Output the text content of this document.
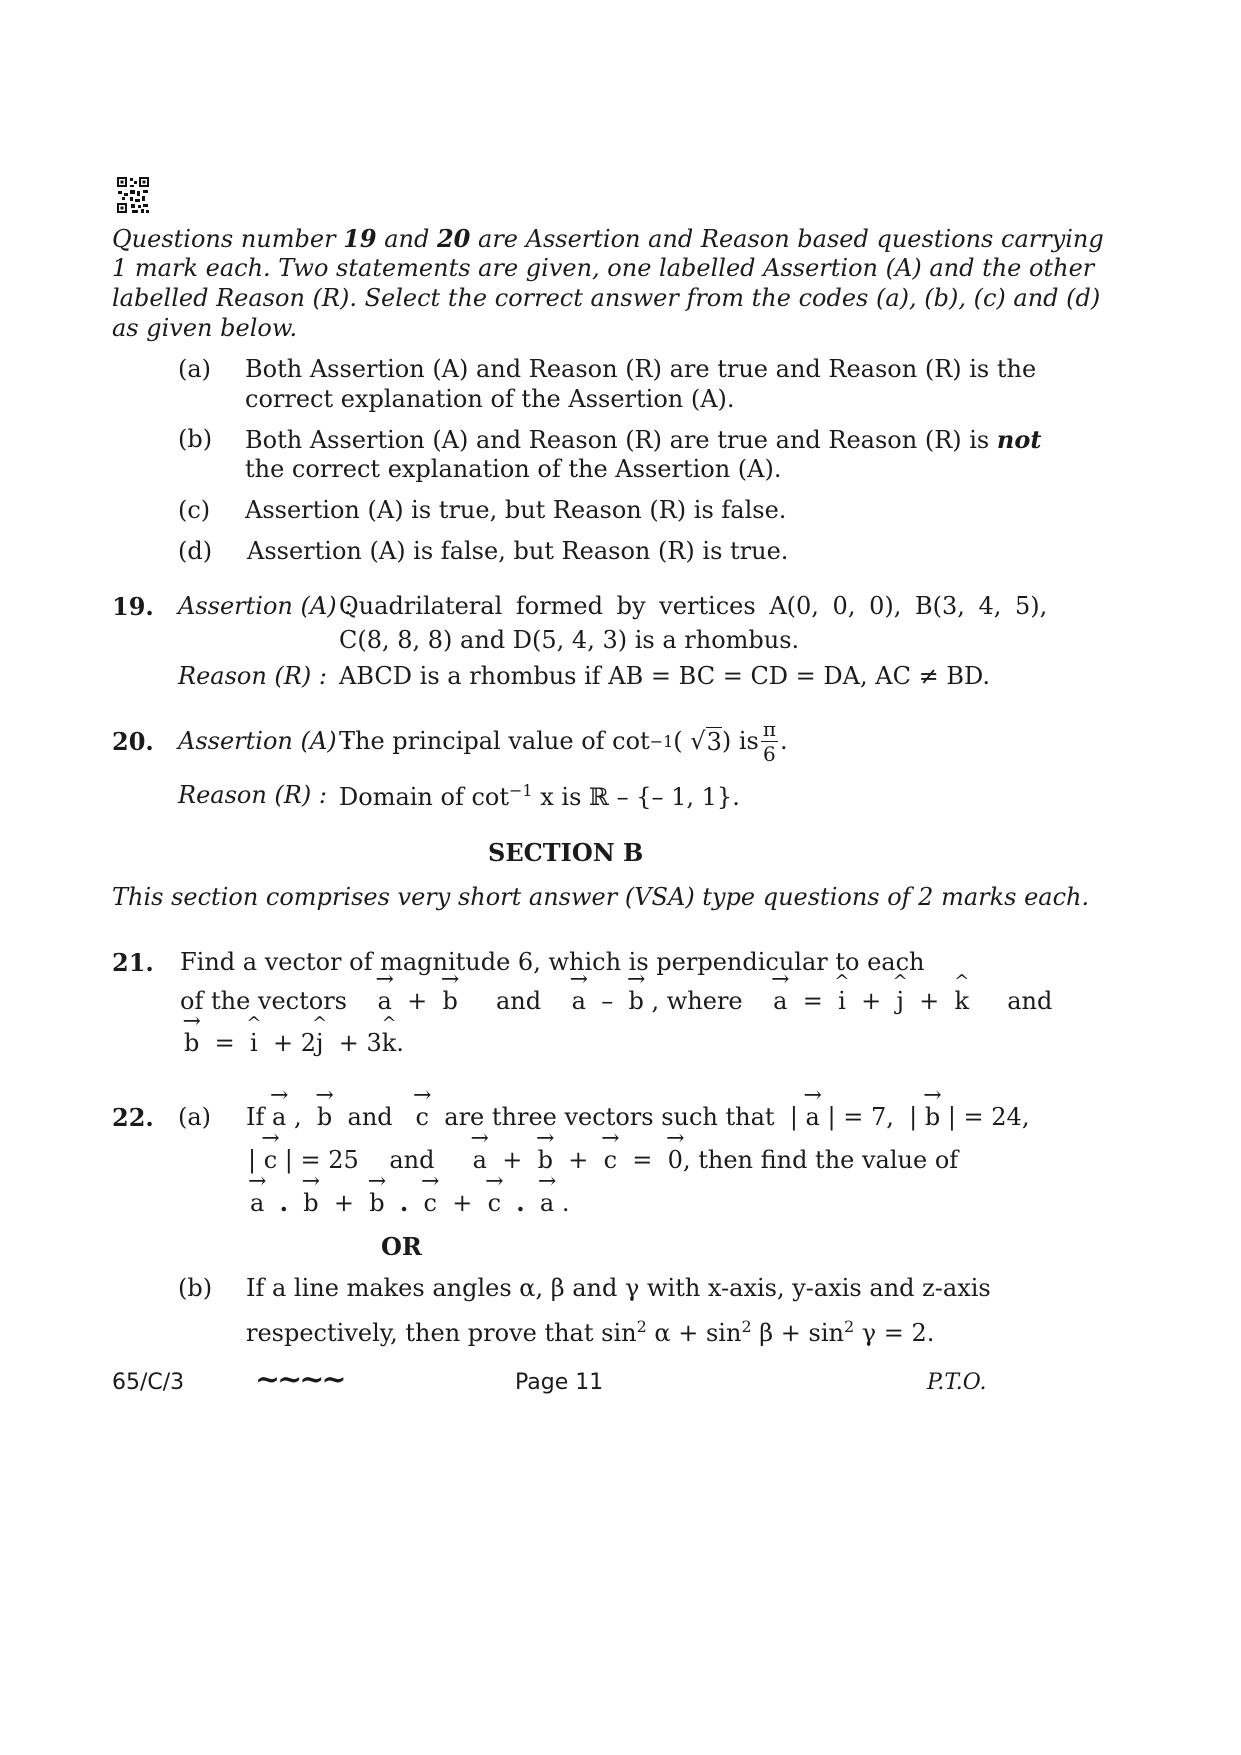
Questions number 19 and 20 are Assertion and Reason based questions carrying
1 mark each. Two statements are given, one labelled Assertion (A) and the other
labelled Reason (R). Select the correct answer from the codes (a), (b), (c) and (d)
as given below.
(a) Both Assertion (A) and Reason (R) are true and Reason (R) is the
correct explanation of the Assertion (A).
(b) Both Assertion (A) and Reason (R) are true and Reason (R) is not
the correct explanation of the Assertion (A).
(c) Assertion (A) is true, but Reason (R) is false.
(d) Assertion (A) is false, but Reason (R) is true.
19. Assertion (A) :
Quadrilateral formed by vertices A(0, 0, 0), B(3, 4, 5),
C(8, 8, 8) and D(5, 4, 3) is a rhombus.
Reason (R) : ABCD is a rhombus if AB = BC = CD = DA, AC ≠ BD.
20. Assertion (A) :
The principal value of cot −1 ( √ 3 ) is $\frac{\pi}{6}$ .
Reason (R) : Domain of $\cot^{-1} x$ is ℝ – {– 1, 1}.
SECTION B
This section comprises very short answer (VSA) type questions of 2 marks each.
21. Find a vector of magnitude 6, which is perpendicular to each
of the vectors → a + → b and → a – → b , where → a = ^ i + ^ j + ^ k and
→ b = ^ i + 2^ j + 3^ k.
22. (a) If → a , → b and → c are three vectors such that  | → a | = 7,  | → b | = 24,
| → c | = 25 and → a + → b + → c = → 0, then find the value of
→ a . → b + → b . → c + → c . → a .
OR
(b) If a line makes angles α, β and γ with x-axis, y-axis and z-axis
respectively, then prove that $\sin^2 \alpha + \sin^2 \beta + \sin^2 \gamma = 2$.
65/C/3 ~~~~	Page 11	P.T.O.
